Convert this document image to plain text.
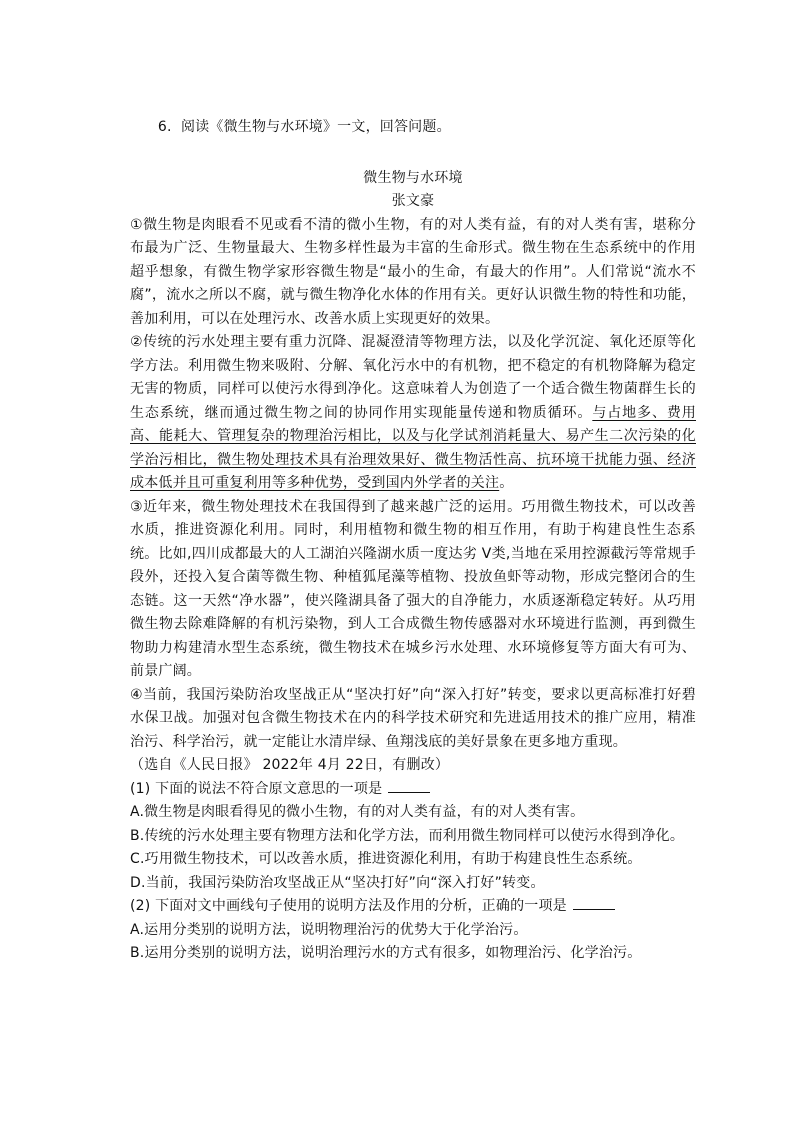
6. 阅读《微生物与水环境》一文，回答问题。

微生物与水环境

张文豪

①微生物是肉眼看不见或看不清的微小生物，有的对人类有益，有的对人类有害，堪称分布最为广泛、生物量最大、生物多样性最为丰富的生命形式。微生物在生态系统中的作用超乎想象，有微生物学家形容微生物是“最小的生命，有最大的作用”。人们常说“流水不腐”，流水之所以不腐，就与微生物净化水体的作用有关。更好认识微生物的特性和功能，善加利用，可以在处理污水、改善水质上实现更好的效果。

②传统的污水处理主要有重力沉降、混凝澄清等物理方法，以及化学沉淀、氧化还原等化学方法。利用微生物来吸附、分解、氧化污水中的有机物，把不稳定的有机物降解为稳定无害的物质，同样可以使污水得到净化。这意味着人为创造了一个适合微生物菌群生长的生态系统，继而通过微生物之间的协同作用实现能量传递和物质循环。与占地多、费用高、能耗大、管理复杂的物理治污相比，以及与化学试剂消耗量大、易产生二次污染的化学治污相比，微生物处理技术具有治理效果好、微生物活性高、抗环境干扰能力强、经济成本低并且可重复利用等多种优势，受到国内外学者的关注。

③近年来，微生物处理技术在我国得到了越来越广泛的运用。巧用微生物技术，可以改善水质，推进资源化利用。同时，利用植物和微生物的相互作用，有助于构建良性生态系统。比如,四川成都最大的人工湖泊兴隆湖水质一度达劣 V类,当地在采用控源截污等常规手段外，还投入复合菌等微生物、种植狐尾藻等植物、投放鱼虾等动物，形成完整闭合的生态链。这一天然“净水器”，使兴隆湖具备了强大的自净能力，水质逐渐稳定转好。从巧用微生物去除难降解的有机污染物，到人工合成微生物传感器对水环境进行监测，再到微生物助力构建清水型生态系统，微生物技术在城乡污水处理、水环境修复等方面大有可为、前景广阔。

④当前，我国污染防治攻坚战正从“坚决打好”向“深入打好”转变，要求以更高标准打好碧水保卫战。加强对包含微生物技术在内的科学技术研究和先进适用技术的推广应用，精准治污、科学治污，就一定能让水清岸绿、鱼翔浅底的美好景象在更多地方重现。

（选自《人民日报》 2022年 4月 22日，有删改）

(1) 下面的说法不符合原文意思的一项是

A.微生物是肉眼看得见的微小生物，有的对人类有益，有的对人类有害。

B.传统的污水处理主要有物理方法和化学方法，而利用微生物同样可以使污水得到净化。

C.巧用微生物技术，可以改善水质，推进资源化利用，有助于构建良性生态系统。

D.当前，我国污染防治攻坚战正从“坚决打好”向“深入打好”转变。

(2) 下面对文中画线句子使用的说明方法及作用的分析，正确的一项是

A.运用分类别的说明方法，说明物理治污的优势大于化学治污。

B.运用分类别的说明方法，说明治理污水的方式有很多，如物理治污、化学治污。
